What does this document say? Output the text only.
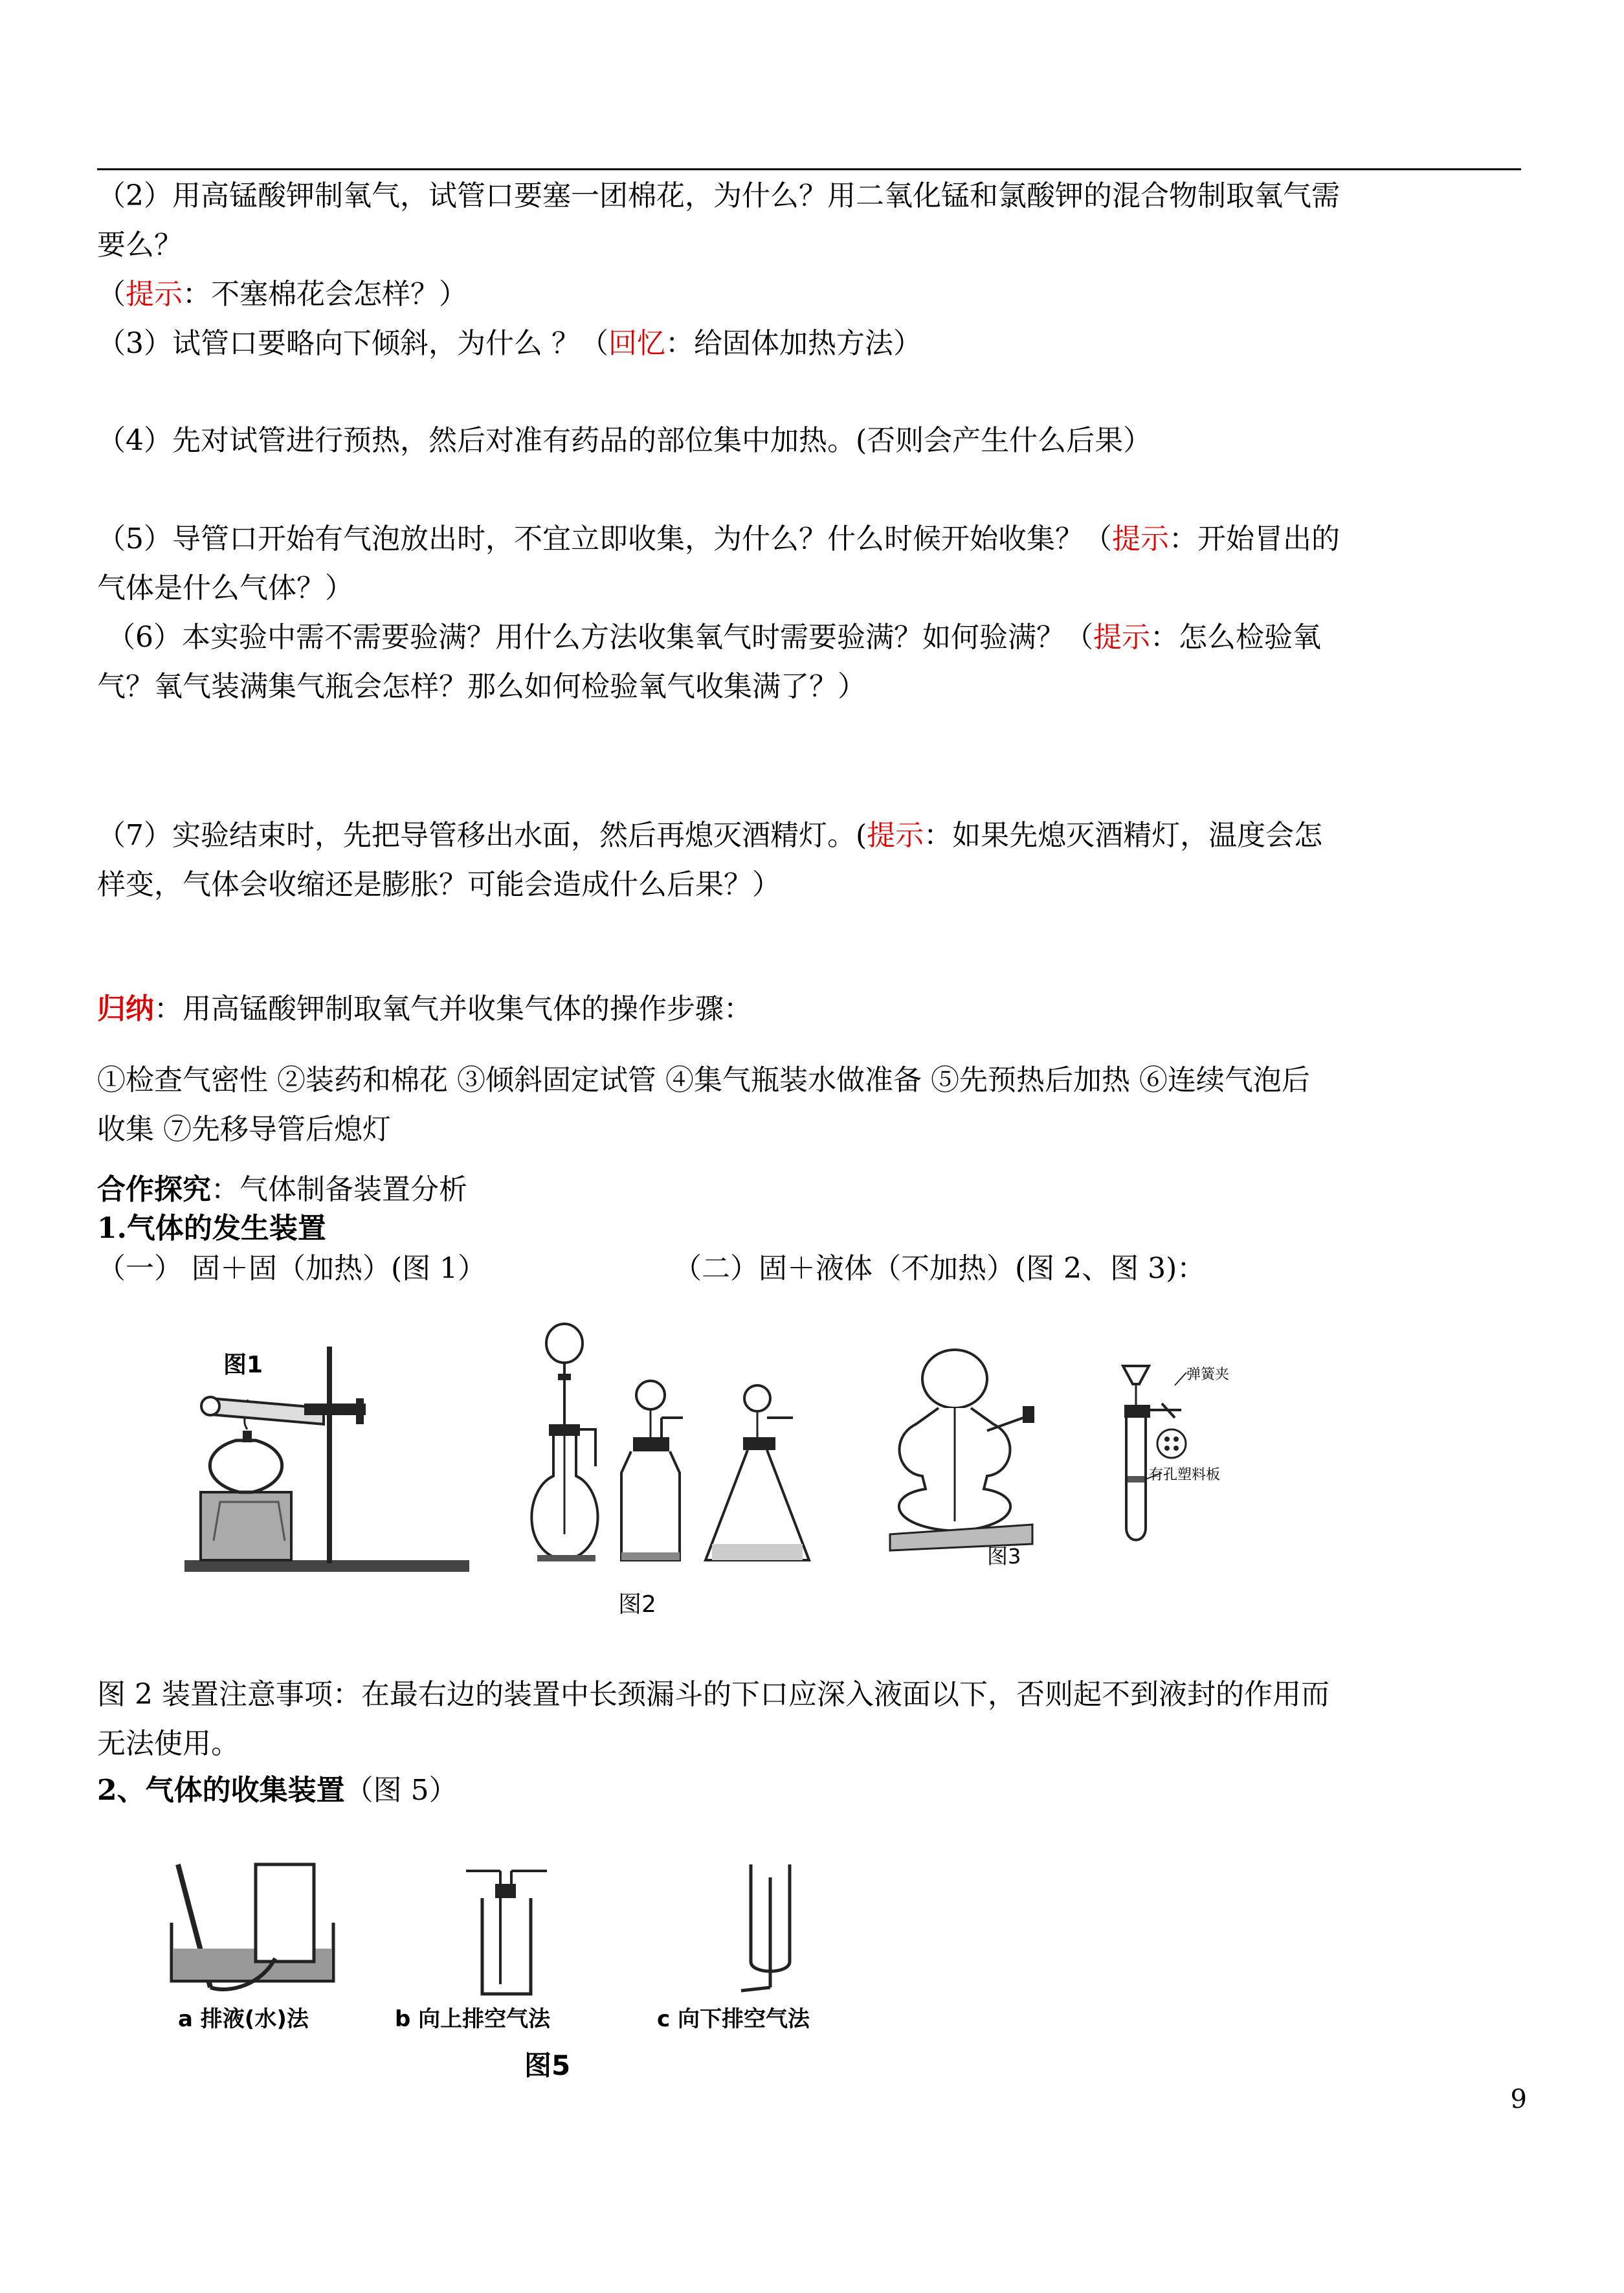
（2）用高锰酸钾制氧气，试管口要塞一团棉花，为什么？用二氧化锰和氯酸钾的混合物制取氧气需
要么？
（提示：不塞棉花会怎样？）
（3）试管口要略向下倾斜，为什么 ？（回忆：给固体加热方法）
（4）先对试管进行预热，然后对准有药品的部位集中加热。(否则会产生什么后果）
（5）导管口开始有气泡放出时，不宜立即收集，为什么？什么时候开始收集？（提示：开始冒出的
气体是什么气体？）
（6）本实验中需不需要验满？用什么方法收集氧气时需要验满？如何验满？（提示：怎么检验氧
气？氧气装满集气瓶会怎样？那么如何检验氧气收集满了？）
（7）实验结束时，先把导管移出水面，然后再熄灭酒精灯。(提示：如果先熄灭酒精灯，温度会怎
样变，气体会收缩还是膨胀？可能会造成什么后果？）
归纳：用高锰酸钾制取氧气并收集气体的操作步骤：
①检查气密性 ②装药和棉花 ③倾斜固定试管 ④集气瓶装水做准备 ⑤先预热后加热 ⑥连续气泡后
收集 ⑦先移导管后熄灯
合作探究：气体制备装置分析
1.气体的发生装置
（一） 固＋固（加热）(图 1）	（二）固＋液体（不加热）(图 2、图 3)：
图1
图2
图3
弹簧夹
有孔塑料板
图 2 装置注意事项：在最右边的装置中长颈漏斗的下口应深入液面以下，否则起不到液封的作用而
无法使用。
2、气体的收集装置（图 5）
a 排液(水)法	b 向上排空气法	c 向下排空气法
图5
9
